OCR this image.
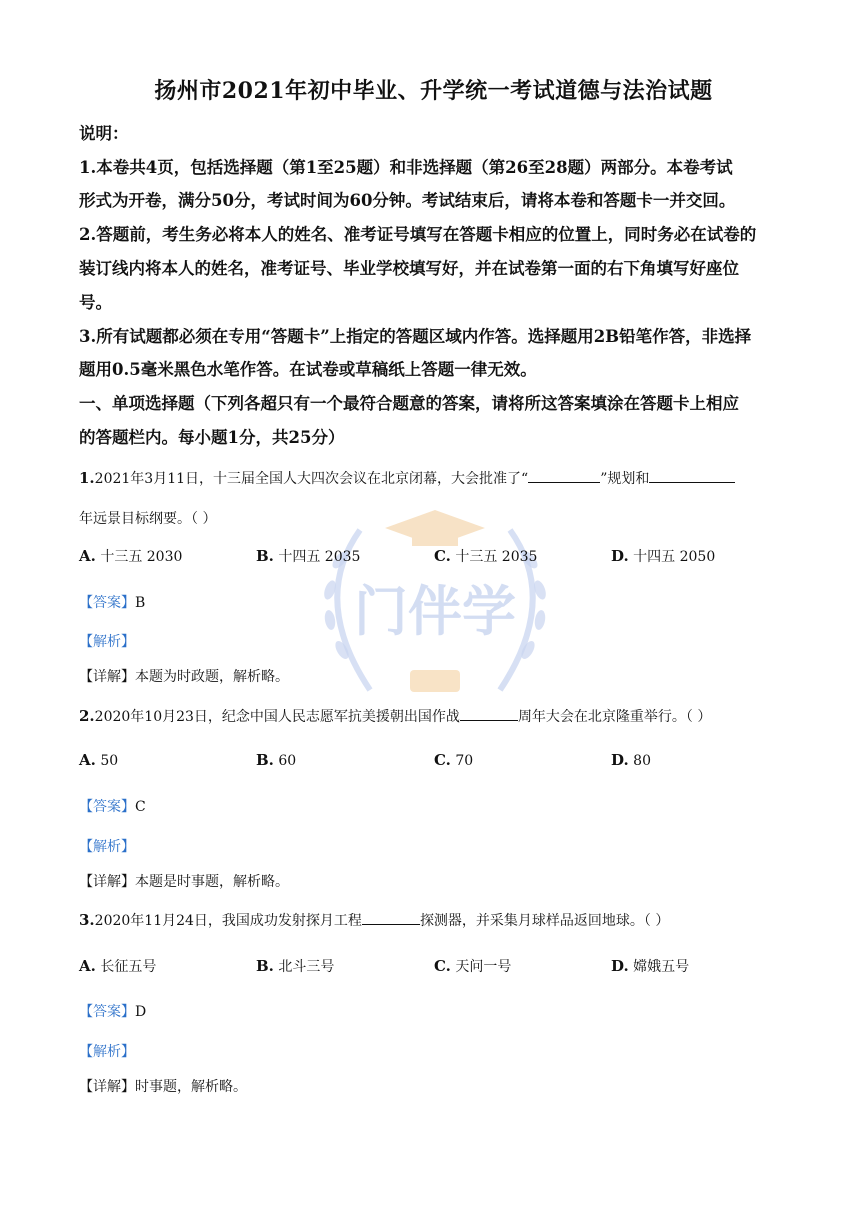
门伴学
扬州市2021年初中毕业、升学统一考试道德与法治试题
说明：
1.本卷共4页，包括选择题（第1至25题）和非选择题（第26至28题）两部分。本卷考试
形式为开卷，满分50分，考试时间为60分钟。考试结束后，请将本卷和答题卡一并交回。
2.答题前，考生务必将本人的姓名、准考证号填写在答题卡相应的位置上，同时务必在试卷的
装订线内将本人的姓名，准考证号、毕业学校填写好，并在试卷第一面的右下角填写好座位
号。
3.所有试题都必须在专用“答题卡”上指定的答题区域内作答。选择题用2B铅笔作答，非选择
题用0.5毫米黑色水笔作答。在试卷或草稿纸上答题一律无效。
一、单项选择题（下列各超只有一个最符合题意的答案，请将所这答案填涂在答题卡上相应
的答题栏内。每小题1分，共25分）
1.2021年3月11日，十三届全国人大四次会议在北京闭幕，大会批准了“	”规划和
年远景目标纲要。（ ）
A. 十三五 2030	B. 十四五 2035	C. 十三五 2035	D. 十四五 2050
【答案】B
【解析】
【详解】本题为时政题，解析略。
2.2020年10月23日，纪念中国人民志愿军抗美援朝出国作战	周年大会在北京隆重举行。（ ）
A. 50	B. 60	C. 70	D. 80
【答案】C
【解析】
【详解】本题是时事题，解析略。
3.2020年11月24日，我国成功发射探月工程	探测器，并采集月球样品返回地球。（ ）
A. 长征五号	B. 北斗三号	C. 天问一号	D. 嫦娥五号
【答案】D
【解析】
【详解】时事题，解析略。
